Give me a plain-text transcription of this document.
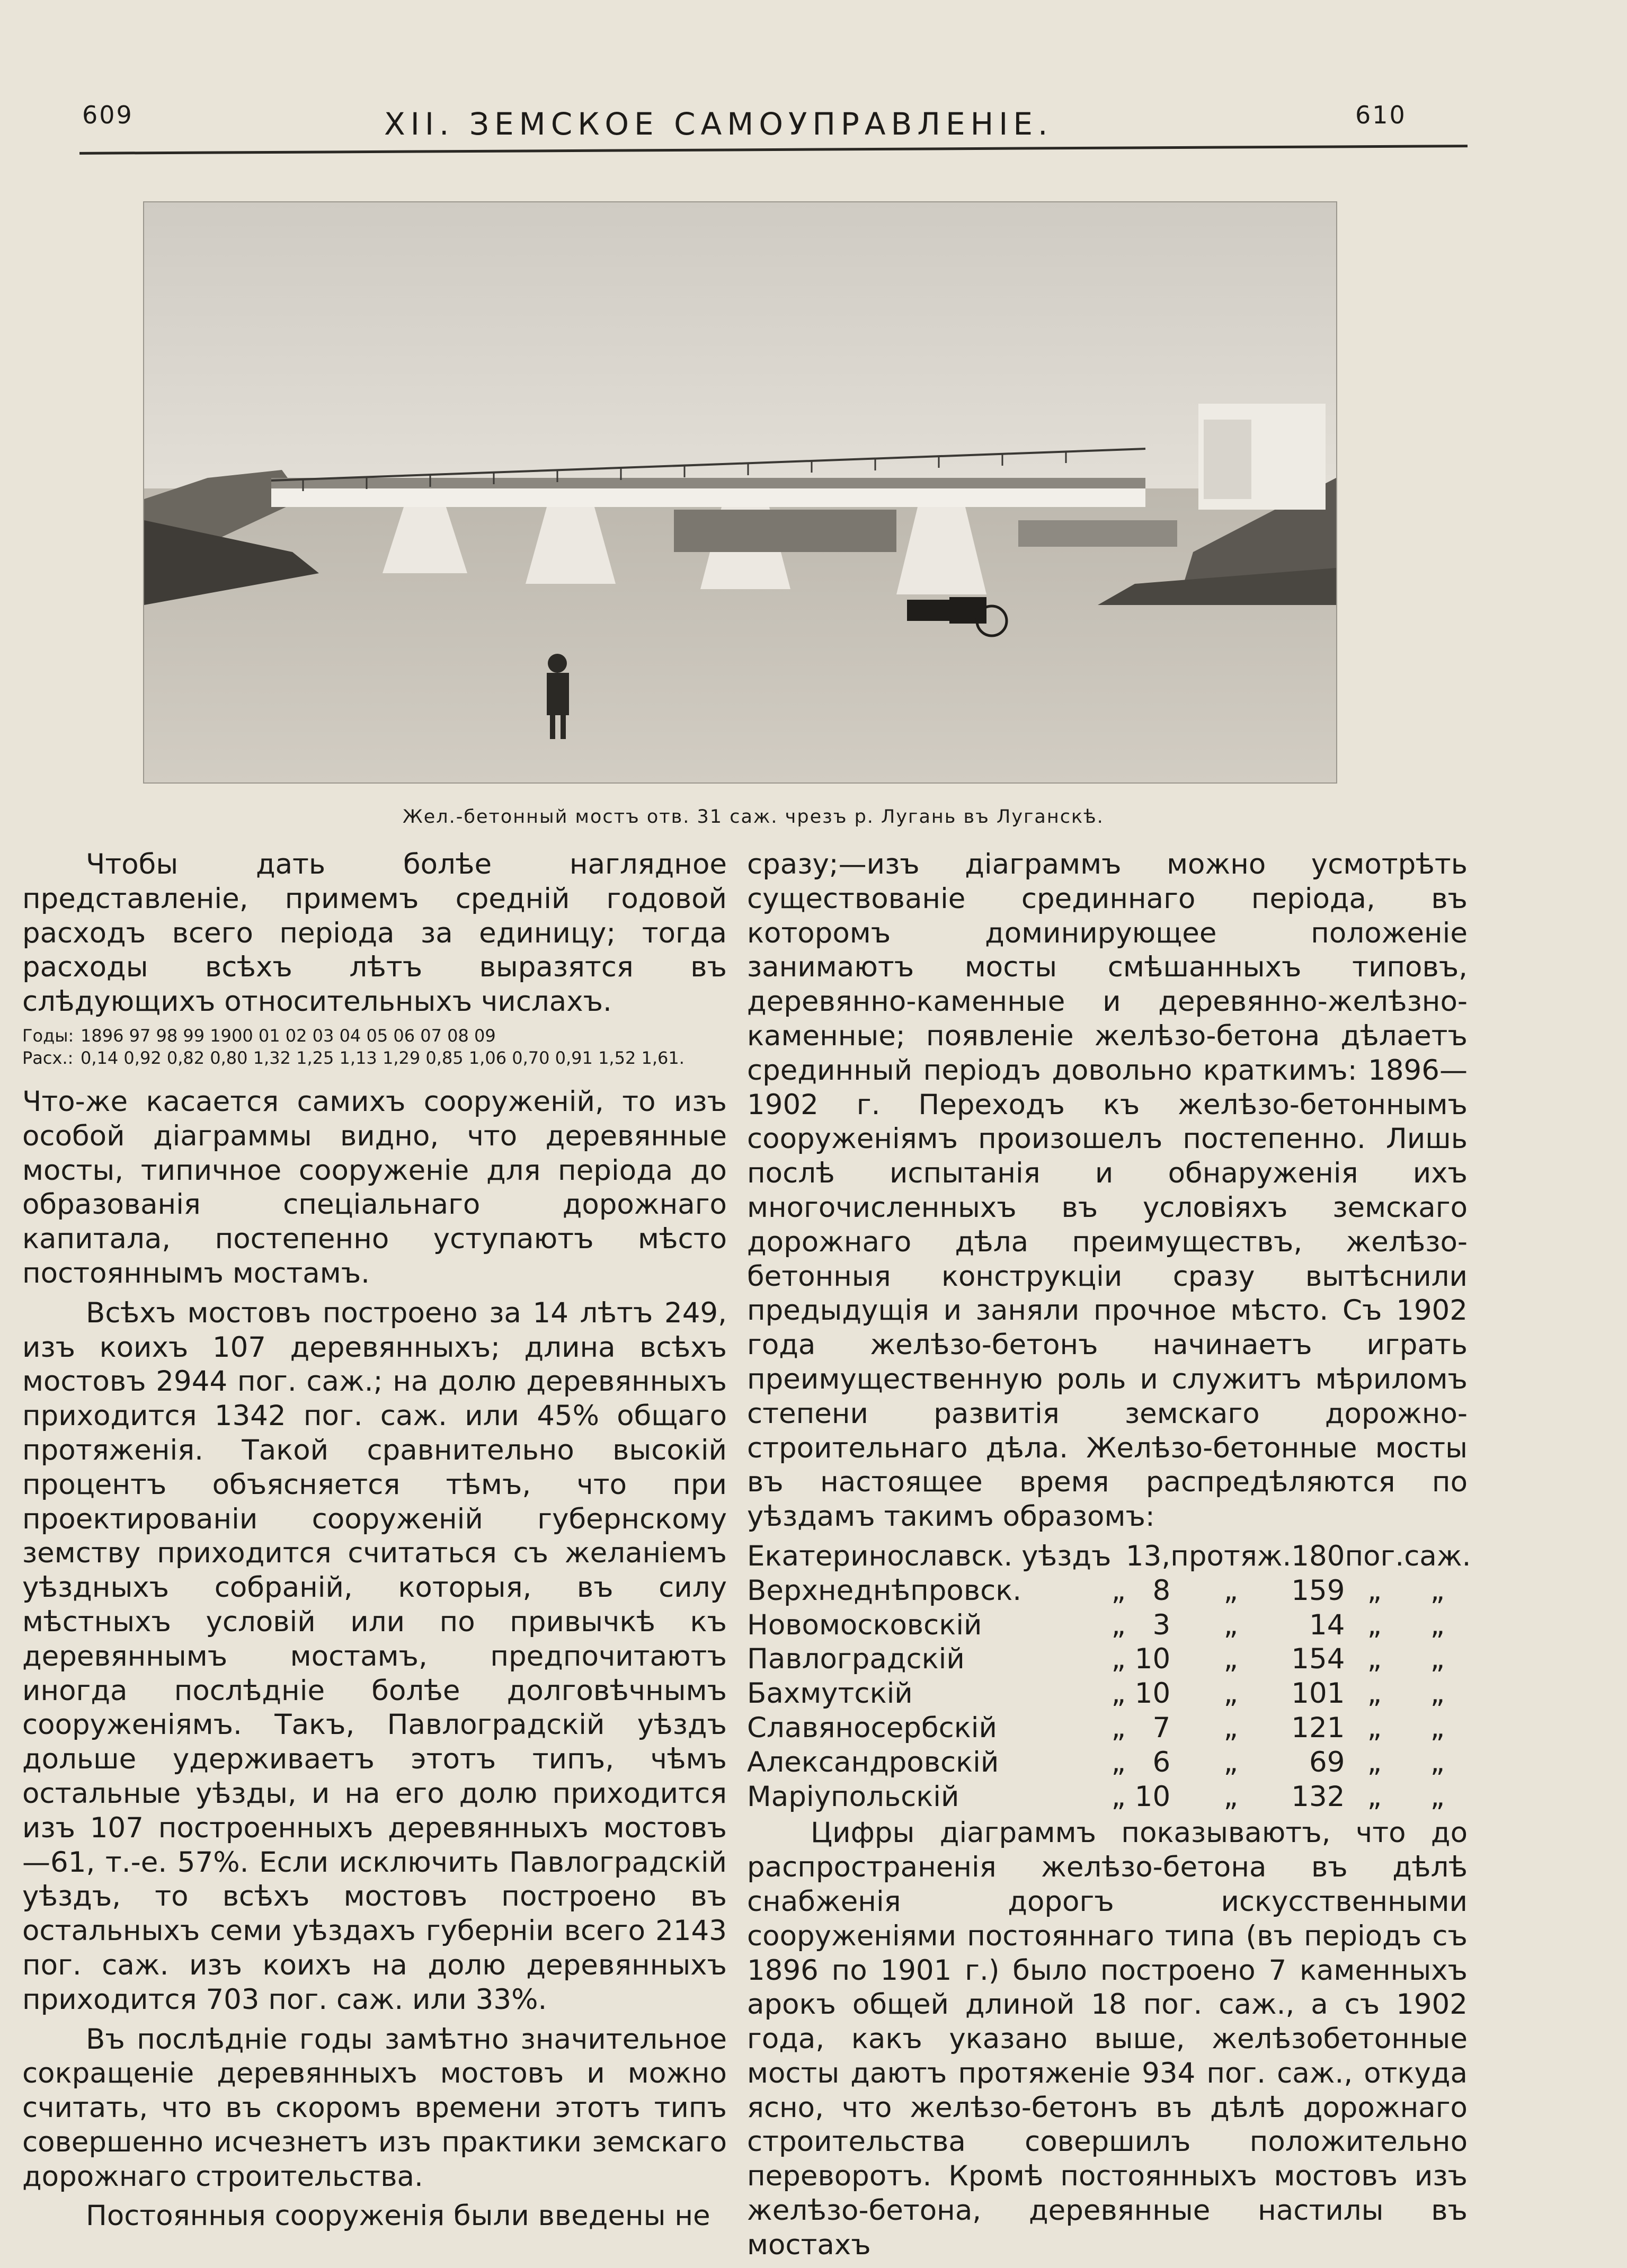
609	XII. ЗЕМСКОЕ САМОУПРАВЛЕНІЕ.	610
Жел.-бетонный мостъ отв. 31 саж. чрезъ р. Лугань въ Луганскѣ.

Чтобы дать болѣе наглядное представленіе, примемъ средній годовой расходъ всего періода за единицу; тогда расходы всѣхъ лѣтъ выразятся въ слѣдующихъ относительныхъ числахъ.

Годы: 1896 97 98 99 1900 01 02 03 04 05 06 07 08 09
Расх.: 0,14 0,92 0,82 0,80 1,32 1,25 1,13 1,29 0,85 1,06 0,70 0,91 1,52 1,61.

Что-же касается самихъ сооруженій, то изъ особой діаграммы видно, что деревянные мосты, типичное сооруженіе для періода до образованія спеціальнаго дорожнаго капитала, постепенно уступаютъ мѣсто постояннымъ мостамъ.

Всѣхъ мостовъ построено за 14 лѣтъ 249, изъ коихъ 107 деревянныхъ; длина всѣхъ мостовъ 2944 пог. саж.; на долю деревянныхъ приходится 1342 пог. саж. или 45% общаго протяженія. Такой сравнительно высокій процентъ объясняется тѣмъ, что при проектированіи сооруженій губернскому земству приходится считаться съ желаніемъ уѣздныхъ собраній, которыя, въ силу мѣстныхъ условій или по привычкѣ къ деревяннымъ мостамъ, предпочитаютъ иногда послѣдніе болѣе долговѣчнымъ сооруженіямъ. Такъ, Павлоградскій уѣздъ дольше удерживаетъ этотъ типъ, чѣмъ остальные уѣзды, и на его долю приходится изъ 107 построенныхъ деревянныхъ мостовъ—61, т.-е. 57%. Если исключить Павлоградскій уѣздъ, то всѣхъ мостовъ построено въ остальныхъ семи уѣздахъ губерніи всего 2143 пог. саж. изъ коихъ на долю деревянныхъ приходится 703 пог. саж. или 33%.

Въ послѣдніе годы замѣтно значительное сокращеніе деревянныхъ мостовъ и можно считать, что въ скоромъ времени этотъ типъ совершенно исчезнетъ изъ практики земскаго дорожнаго строительства.

Постоянныя сооруженія были введены не

сразу;—изъ діаграммъ можно усмотрѣть существованіе срединнаго періода, въ которомъ доминирующее положеніе занимаютъ мосты смѣшанныхъ типовъ, деревянно-каменные и деревянно-желѣзно-каменные; появленіе желѣзо-бетона дѣлаетъ срединный періодъ довольно краткимъ: 1896—1902 г. Переходъ къ желѣзо-бетоннымъ сооруженіямъ произошелъ постепенно. Лишь послѣ испытанія и обнаруженія ихъ многочисленныхъ въ условіяхъ земскаго дорожнаго дѣла преимуществъ, желѣзо-бетонныя конструкціи сразу вытѣснили предыдущія и заняли прочное мѣсто. Съ 1902 года желѣзо-бетонъ начинаетъ играть преимущественную роль и служитъ мѣриломъ степени развитія земскаго дорожно-строительнаго дѣла. Желѣзо-бетонные мосты въ настоящее время распредѣляются по уѣздамъ такимъ образомъ:

Екатеринославск. уѣздъ		13,	протяж.	180	пог.	саж.
Верхнеднѣпровск.	„	8	„	159	„	„
Новомосковскій	„	3	„	14	„	„
Павлоградскій	„	10	„	154	„	„
Бахмутскій	„	10	„	101	„	„
Славяносербскій	„	7	„	121	„	„
Александровскій	„	6	„	69	„	„
Маріупольскій	„	10	„	132	„	„

Цифры діаграммъ показываютъ, что до распространенія желѣзо-бетона въ дѣлѣ снабженія дорогъ искусственными сооруженіями постояннаго типа (въ періодъ съ 1896 по 1901 г.) было построено 7 каменныхъ арокъ общей длиной 18 пог. саж., а съ 1902 года, какъ указано выше, желѣзобетонные мосты даютъ протяженіе 934 пог. саж., откуда ясно, что желѣзо-бетонъ въ дѣлѣ дорожнаго строительства совершилъ положительно переворотъ. Кромѣ постоянныхъ мостовъ изъ желѣзо-бетона, деревянные настилы въ мостахъ
